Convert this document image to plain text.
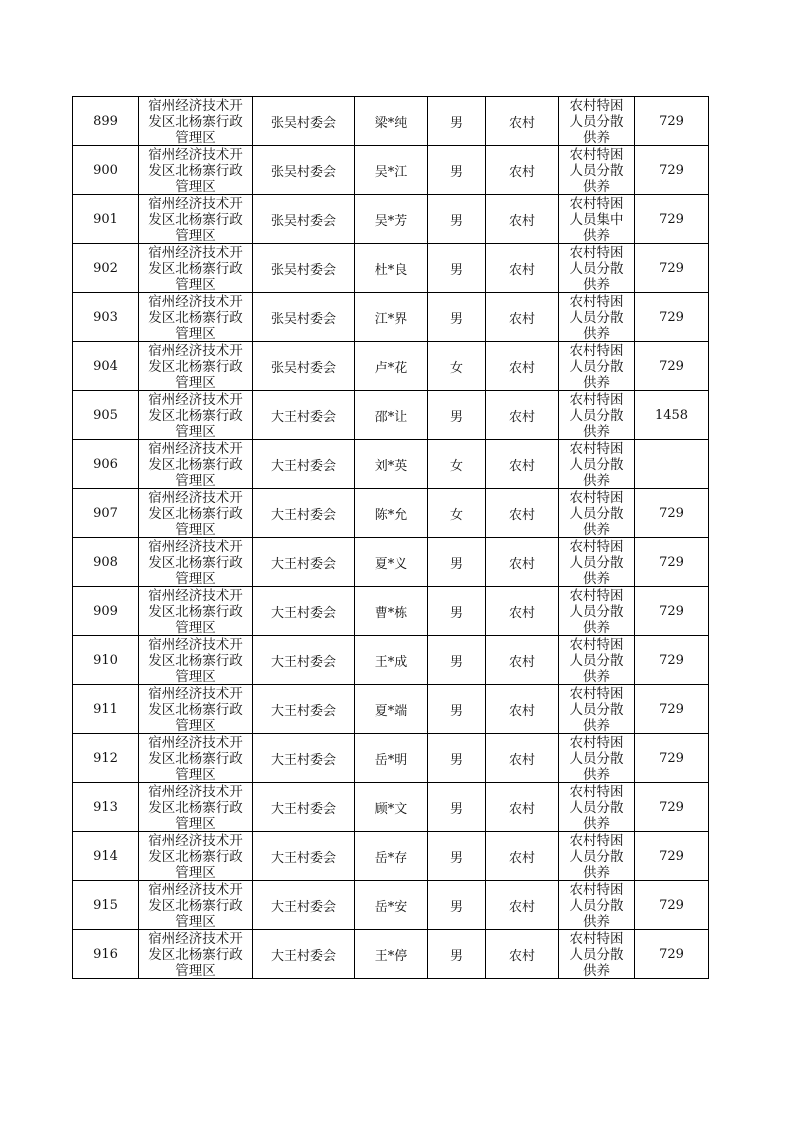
899	宿州经济技术开
发区北杨寨行政
管理区	张吴村委会	梁*纯	男	农村	农村特困
人员分散
供养	729
900	宿州经济技术开
发区北杨寨行政
管理区	张吴村委会	吴*江	男	农村	农村特困
人员分散
供养	729
901	宿州经济技术开
发区北杨寨行政
管理区	张吴村委会	吴*芳	男	农村	农村特困
人员集中
供养	729
902	宿州经济技术开
发区北杨寨行政
管理区	张吴村委会	杜*良	男	农村	农村特困
人员分散
供养	729
903	宿州经济技术开
发区北杨寨行政
管理区	张吴村委会	江*界	男	农村	农村特困
人员分散
供养	729
904	宿州经济技术开
发区北杨寨行政
管理区	张吴村委会	卢*花	女	农村	农村特困
人员分散
供养	729
905	宿州经济技术开
发区北杨寨行政
管理区	大王村委会	邵*让	男	农村	农村特困
人员分散
供养	1458
906	宿州经济技术开
发区北杨寨行政
管理区	大王村委会	刘*英	女	农村	农村特困
人员分散
供养	

907	宿州经济技术开
发区北杨寨行政
管理区	大王村委会	陈*允	女	农村	农村特困
人员分散
供养	729
908	宿州经济技术开
发区北杨寨行政
管理区	大王村委会	夏*义	男	农村	农村特困
人员分散
供养	729
909	宿州经济技术开
发区北杨寨行政
管理区	大王村委会	曹*栋	男	农村	农村特困
人员分散
供养	729
910	宿州经济技术开
发区北杨寨行政
管理区	大王村委会	王*成	男	农村	农村特困
人员分散
供养	729
911	宿州经济技术开
发区北杨寨行政
管理区	大王村委会	夏*端	男	农村	农村特困
人员分散
供养	729
912	宿州经济技术开
发区北杨寨行政
管理区	大王村委会	岳*明	男	农村	农村特困
人员分散
供养	729
913	宿州经济技术开
发区北杨寨行政
管理区	大王村委会	顾*文	男	农村	农村特困
人员分散
供养	729
914	宿州经济技术开
发区北杨寨行政
管理区	大王村委会	岳*存	男	农村	农村特困
人员分散
供养	729
915	宿州经济技术开
发区北杨寨行政
管理区	大王村委会	岳*安	男	农村	农村特困
人员分散
供养	729
916	宿州经济技术开
发区北杨寨行政
管理区	大王村委会	王*停	男	农村	农村特困
人员分散
供养	729
